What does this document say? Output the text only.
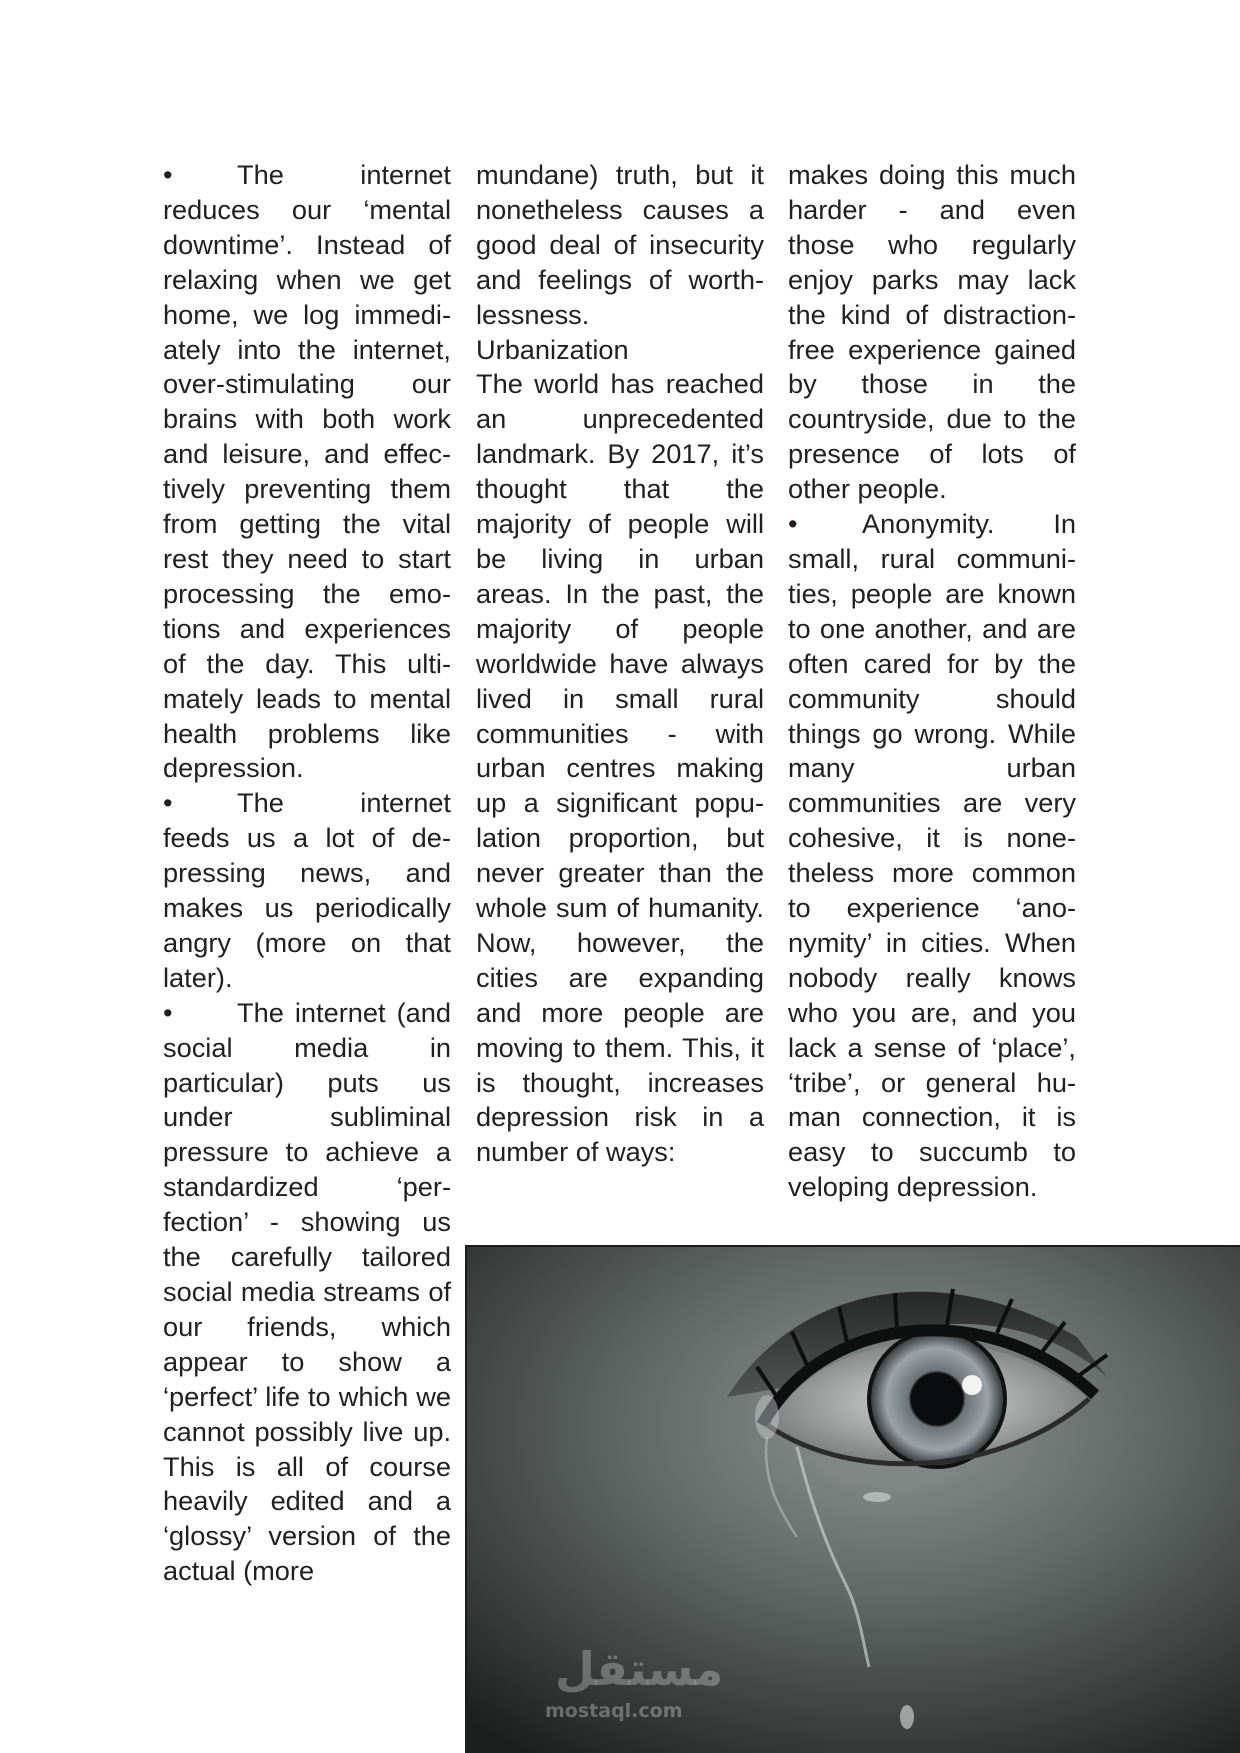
• The internet reduces our ‘mental downtime’. Instead of relaxing when we get home, we log immediately into the internet, over-stimulating our brains with both work and leisure, and effectively preventing them from getting the vital rest they need to start processing the emotions and experiences of the day. This ultimately leads to mental health problems like depression.

• The internet feeds us a lot of depressing news, and makes us periodically angry (more on that later).

• The internet (and social media in particular) puts us under subliminal pressure to achieve a standardized ‘perfection’ - showing us the carefully tailored social media streams of our friends, which appear to show a ‘perfect’ life to which we cannot possibly live up. This is all of course heavily edited and a ‘glossy’ version of the actual (more

mundane) truth, but it nonetheless causes a good deal of insecurity and feelings of worthlessness.

Urbanization

The world has reached an unprecedented landmark. By 2017, it’s thought that the majority of people will be living in urban areas. In the past, the majority of people worldwide have always lived in small rural communities - with urban centres making up a significant population proportion, but never greater than the whole sum of humanity. Now, however, the cities are expanding and more people are moving to them. This, it is thought, increases depression risk in a number of ways:

makes doing this much harder - and even those who regularly enjoy parks may lack the kind of distraction-free experience gained by those in the countryside, due to the presence of lots of other people.

• Anonymity. In small, rural communities, people are known to one another, and are often cared for by the community should things go wrong. While many urban communities are very cohesive, it is nonetheless more common to experience ‘anonymity’ in cities. When nobody really knows who you are, and you lack a sense of ‘place’, ‘tribe’, or general human connection, it is easy to succumb to veloping depression.

مستقل
mostaql.com
